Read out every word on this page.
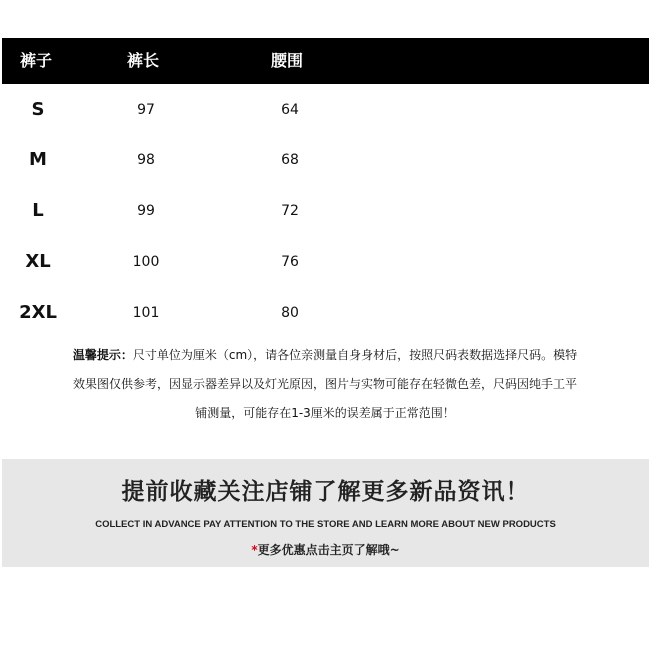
裤子	裤长	腰围
S	97	64
M	98	68
L	99	72
XL	100	76
2XL	101	80
温馨提示：尺寸单位为厘米（cm），请各位亲测量自身身材后，按照尺码表数据选择尺码。模特
效果图仅供参考，因显示器差异以及灯光原因，图片与实物可能存在轻微色差，尺码因纯手工平
铺测量，可能存在1-3厘米的误差属于正常范围！
提前收藏关注店铺了解更多新品资讯！
COLLECT IN ADVANCE PAY ATTENTION TO THE STORE AND LEARN MORE ABOUT NEW PRODUCTS
*更多优惠点击主页了解哦~
